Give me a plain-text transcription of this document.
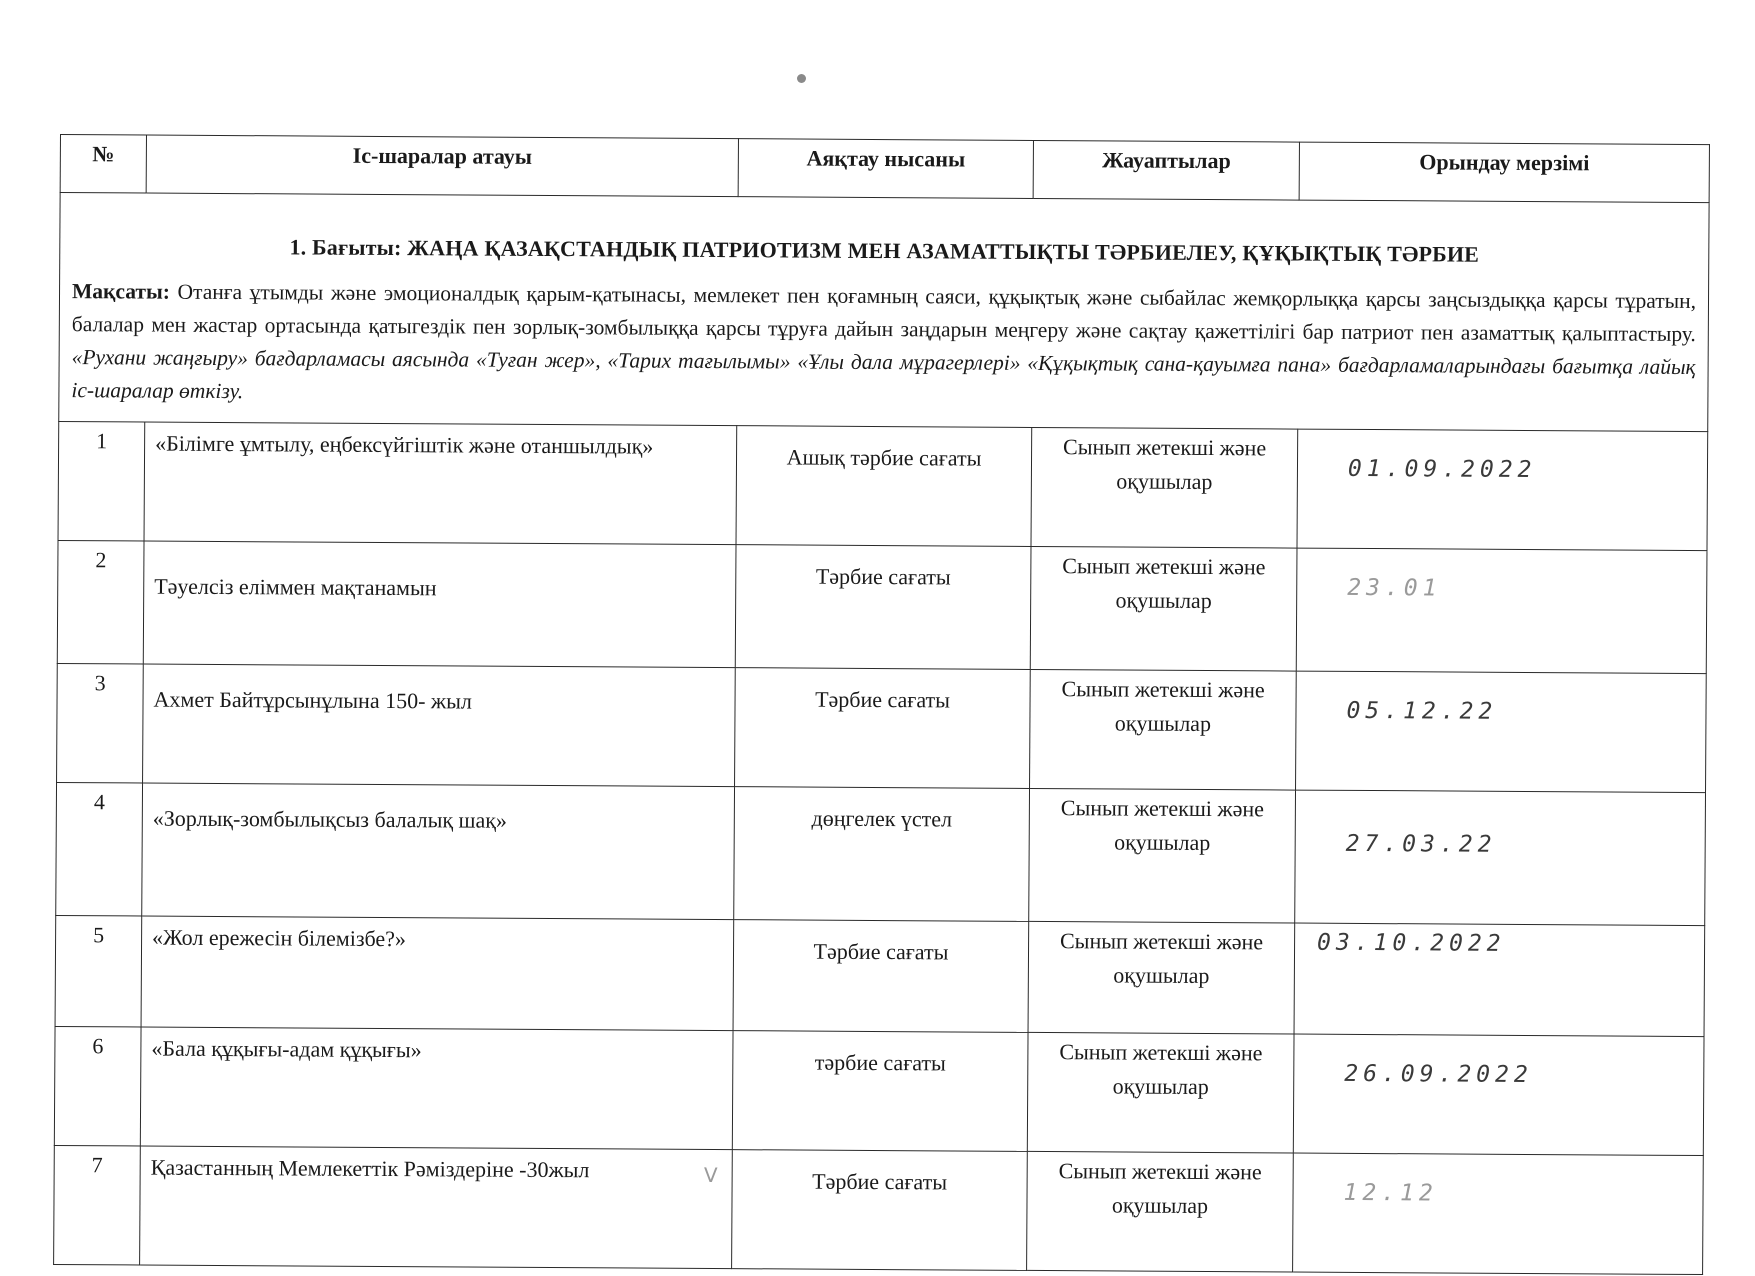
№	Іс-шаралар атауы	Аяқтау нысаны	Жауаптылар	Орындау мерзімі

1. Бағыты: ЖАҢА ҚАЗАҚСТАНДЫҚ ПАТРИОТИЗМ МЕН АЗАМАТТЫҚТЫ ТӘРБИЕЛЕУ, ҚҰҚЫҚТЫҚ ТӘРБИЕ

Мақсаты: Отанға ұтымды және эмоционалдық қарым-қатынасы, мемлекет пен қоғамның саяси, құқықтық және сыбайлас жемқорлыққа қарсы заңсыздыққа қарсы тұратын, балалар мен жастар ортасында қатыгездік пен зорлық-зомбылыққа қарсы тұруға дайын заңдарын меңгеру және сақтау қажеттілігі бар патриот пен азаматтық қалыптастыру. «Рухани жаңғыру» бағдарламасы аясында «Туған жер», «Тарих тағылымы» «Ұлы дала мұрагерлері» «Құқықтық сана-қауымға пана» бағдарламаларындағы бағытқа лайық іс-шаралар өткізу.				

1	«Білімге ұмтылу, еңбексүйгіштік және отаншылдық»	Ашық тәрбие сағаты	Сынып жетекші және оқушылар	01.09.2022
2	Тәуелсіз еліммен мақтанамын	Тәрбие сағаты	Сынып жетекші және оқушылар	23.01
3	Ахмет Байтұрсынұлына 150- жыл	Тәрбие сағаты	Сынып жетекші және оқушылар	05.12.22
4	«Зорлық-зомбылықсыз балалық шақ»	дөңгелек үстел	Сынып жетекші және оқушылар	27.03.22
5	«Жол ережесін білемізбе?»	Тәрбие сағаты	Сынып жетекші және оқушылар	03.10.2022
6	«Бала құқығы-адам құқығы»	тәрбие сағаты	Сынып жетекші және оқушылар	26.09.2022
7	Қазастанның Мемлекеттік Рәміздеріне -30жыл V	Тәрбие сағаты	Сынып жетекші және оқушылар	12.12
